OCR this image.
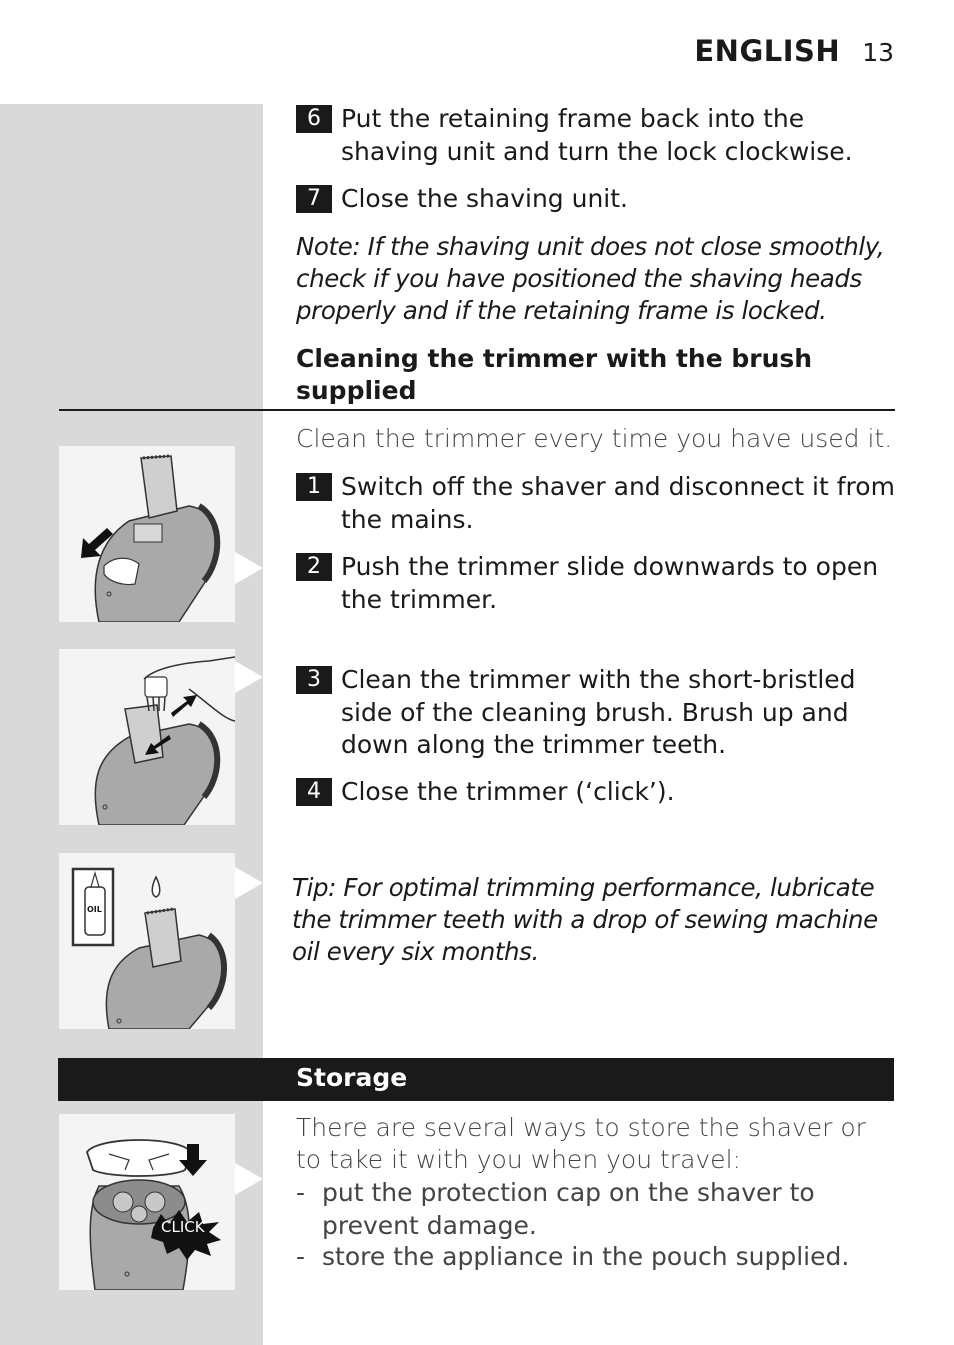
ENGLISH 13
6 Put the retaining frame back into the shaving unit and turn the lock clockwise.
7 Close the shaving unit.
Note: If the shaving unit does not close smoothly, check if you have positioned the shaving heads properly and if the retaining frame is locked.
Cleaning the trimmer with the brush supplied
Clean the trimmer every time you have used it.
1 Switch off the shaver and disconnect it from the mains.
2 Push the trimmer slide downwards to open the trimmer.
3 Clean the trimmer with the short-bristled side of the cleaning brush. Brush up and down along the trimmer teeth.
4 Close the trimmer (‘click’).
Tip: For optimal trimming performance, lubricate the trimmer teeth with a drop of sewing machine oil every six months.
Storage
There are several ways to store the shaver or to take it with you when you travel:
- put the protection cap on the shaver to prevent damage.
- store the appliance in the pouch supplied.
OIL
CLICK
